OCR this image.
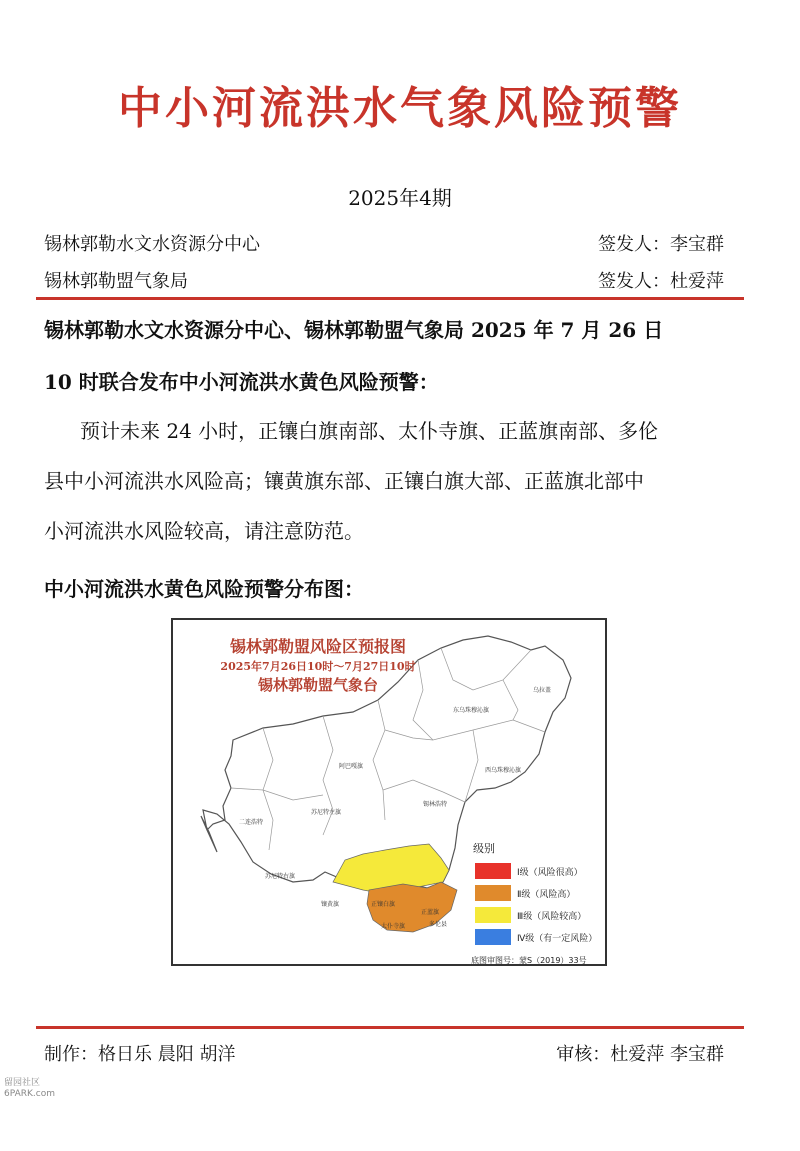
中小河流洪水气象风险预警
2025年4期
锡林郭勒水文水资源分中心	签发人：李宝群
锡林郭勒盟气象局	签发人：杜爱萍
锡林郭勒水文水资源分中心、锡林郭勒盟气象局 2025 年 7 月 26 日
10 时联合发布中小河流洪水黄色风险预警：
预计未来 24 小时，正镶白旗南部、太仆寺旗、正蓝旗南部、多伦
县中小河流洪水风险高；镶黄旗东部、正镶白旗大部、正蓝旗北部中
小河流洪水风险较高，请注意防范。
中小河流洪水黄色风险预警分布图：
东乌珠穆沁旗
西乌珠穆沁旗
阿巴嘎旗
锡林浩特
二连浩特
苏尼特左旗
苏尼特右旗
镶黄旗	正镶白旗
正蓝旗
太仆寺旗	多伦县
乌拉盖
锡林郭勒盟风险区预报图
2025年7月26日10时～7月27日10时
锡林郭勒盟气象台
级别
Ⅰ级（风险很高）
Ⅱ级（风险高）
Ⅲ级（风险较高）
Ⅳ级（有一定风险）
底图审图号：蒙S（2019）33号
制作：格日乐 晨阳 胡洋	审核：杜爱萍 李宝群
留园社区
6PARK.com
